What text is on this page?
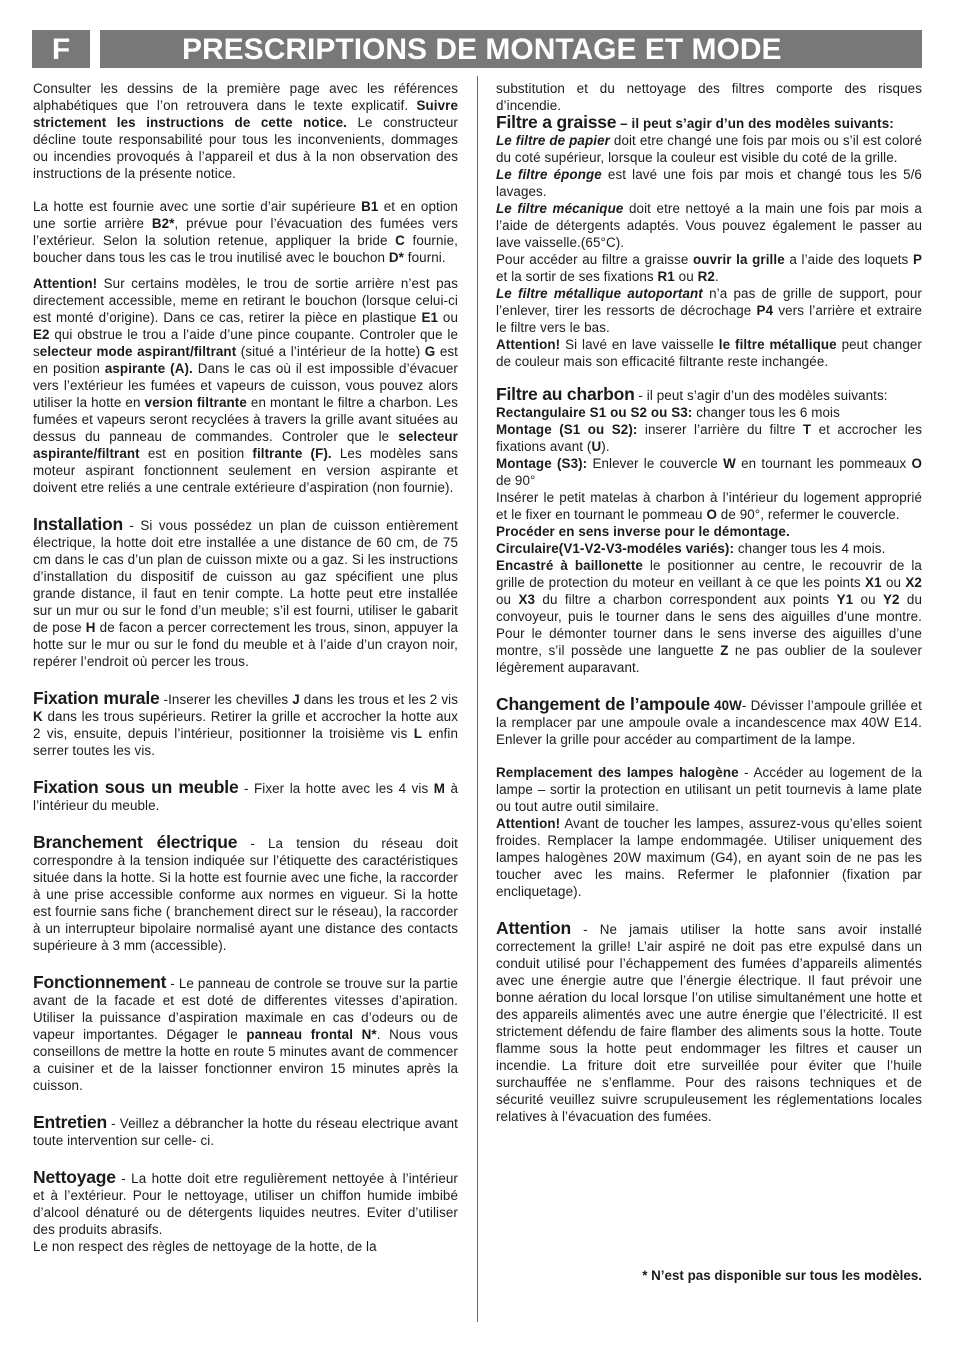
F	PRESCRIPTIONS DE MONTAGE ET MODE

Consulter les dessins de la première page avec les références alphabétiques que l’on retrouvera dans le texte explicatif. Suivre strictement les instructions de cette notice. Le constructeur décline toute responsabilité pour tous les inconvenients, dommages ou incendies provoqués à l’appareil et dus à la non observation des instructions de la présente notice.

La hotte est fournie avec une sortie d’air supérieure B1 et en option une sortie arrière B2*, prévue pour l’évacuation des fumées vers l’extérieur. Selon la solution retenue, appliquer la bride C fournie, boucher dans tous les cas le trou inutilisé avec le bouchon D* fourni.

Attention! Sur certains modèles, le trou de sortie arrière n’est pas directement accessible, meme en retirant le bouchon (lorsque celui-ci est monté d’origine). Dans ce cas, retirer la pièce en plastique E1 ou E2 qui obstrue le trou a l’aide d’une pince coupante. Controler que le selecteur mode aspirant/filtrant (situé a l’intérieur de la hotte) G est en position aspirante (A). Dans le cas où il est impossible d’évacuer vers l’extérieur les fumées et vapeurs de cuisson, vous pouvez alors utiliser la hotte en version filtrante en montant le filtre a charbon. Les fumées et vapeurs seront recyclées à travers la grille avant situées au dessus du panneau de commandes. Controler que le selecteur aspirante/filtrant est en position filtrante (F). Les modèles sans moteur aspirant fonctionnent seulement en version aspirante et doivent etre reliés a une centrale extérieure d’aspiration (non fournie).

Installation - Si vous possédez un plan de cuisson entièrement électrique, la hotte doit etre installée a une distance de 60 cm, de 75 cm dans le cas d’un plan de cuisson mixte ou a gaz. Si les instructions d’installation du dispositif de cuisson au gaz spécifient une plus grande distance, il faut en tenir compte. La hotte peut etre installée sur un mur ou sur le fond d’un meuble; s’il est fourni, utiliser le gabarit de pose H de facon a percer correctement les trous, sinon, appuyer la hotte sur le mur ou sur le fond du meuble et à l’aide d’un crayon noir, repérer l’endroit où percer les trous.

Fixation murale -Inserer les chevilles J dans les trous et les 2 vis K dans les trous supérieurs. Retirer la grille et accrocher la hotte aux 2 vis, ensuite, depuis l’intérieur, positionner la troisième vis L enfin serrer toutes les vis.

Fixation sous un meuble - Fixer la hotte avec les 4 vis M à l’intérieur du meuble.

Branchement électrique - La tension du réseau doit correspondre à la tension indiquée sur l’étiquette des caractéristiques située dans la hotte. Si la hotte est fournie avec une fiche, la raccorder à une prise accessible conforme aux normes en vigueur. Si la hotte est fournie sans fiche ( branchement direct sur le réseau), la raccorder à un interrupteur bipolaire normalisé ayant une distance des contacts supérieure à 3 mm (accessible).

Fonctionnement - Le panneau de controle se trouve sur la partie avant de la facade et est doté de differentes vitesses d’apiration. Utiliser la puissance d’aspiration maximale en cas d’odeurs ou de vapeur importantes. Dégager le panneau frontal N*. Nous vous conseillons de mettre la hotte en route 5 minutes avant de commencer a cuisiner et de la laisser fonctionner environ 15 minutes après la cuisson.

Entretien - Veillez a débrancher la hotte du réseau electrique avant toute intervention sur celle- ci.

Nettoyage - La hotte doit etre regulièrement nettoyée à l’intérieur et à l’extérieur. Pour le nettoyage, utiliser un chiffon humide imbibé d’alcool dénaturé ou de détergents liquides neutres. Eviter d’utiliser des produits abrasifs.

Le non respect des règles de nettoyage de la hotte, de la

substitution et du nettoyage des filtres comporte des risques d’incendie.

Filtre a graisse – il peut s’agir d’un des modèles suivants:

Le filtre de papier doit etre changé une fois par mois ou s’il est coloré du coté supérieur, lorsque la couleur est visible du coté de la grille.

Le filtre éponge est lavé une fois par mois et changé tous les 5/6 lavages.

Le filtre mécanique doit etre nettoyé a la main une fois par mois a l’aide de détergents adaptés. Vous pouvez également le passer au lave vaisselle.(65°C).

Pour accéder au filtre a graisse ouvrir la grille a l’aide des loquets P et la sortir de ses fixations R1 ou R2.

Le filtre métallique autoportant n’a pas de grille de support, pour l’enlever, tirer les ressorts de décrochage P4 vers l’arrière et extraire le filtre vers le bas.

Attention! Si lavé en lave vaisselle le filtre métallique peut changer de couleur mais son efficacité filtrante reste inchangée.

Filtre au charbon - il peut s’agir d’un des modèles suivants:

Rectangulaire S1 ou S2 ou S3: changer tous les 6 mois

Montage (S1 ou S2): inserer l’arrière du filtre T et accrocher les fixations avant (U).

Montage (S3): Enlever le couvercle W en tournant les pommeaux O de 90°

Insérer le petit matelas à charbon à l’intérieur du logement approprié et le fixer en tournant le pommeau O de 90°, refermer le couvercle.

Procéder en sens inverse pour le démontage.

Circulaire(V1-V2-V3-modéles variés): changer tous les 4 mois.

Encastré à baillonette le positionner au centre, le recouvrir de la grille de protection du moteur en veillant à ce que les points X1 ou X2 ou X3 du filtre a charbon correspondent aux points Y1 ou Y2 du convoyeur, puis le tourner dans le sens des aiguilles d’une montre. Pour le démonter tourner dans le sens inverse des aiguilles d’une montre, s’il possède une languette Z ne pas oublier de la soulever légèrement auparavant.

Changement de l’ampoule 40W- Dévisser l’ampoule grillée et la remplacer par une ampoule ovale a incandescence max 40W E14. Enlever la grille pour accéder au compartiment de la lampe.

Remplacement des lampes halogène - Accéder au logement de la lampe – sortir la protection en utilisant un petit tournevis à lame plate ou tout autre outil similaire.

Attention! Avant de toucher les lampes, assurez-vous qu’elles soient froides. Remplacer la lampe endommagée. Utiliser uniquement des lampes halogènes 20W maximum (G4), en ayant soin de ne pas les toucher avec les mains. Refermer le plafonnier (fixation par encliquetage).

Attention - Ne jamais utiliser la hotte sans avoir installé correctement la grille! L’air aspiré ne doit pas etre expulsé dans un conduit utilisé pour l’échappement des fumées d’appareils alimentés avec une énergie autre que l’énergie électrique. Il faut prévoir une bonne aération du local lorsque l’on utilise simultanément une hotte et des appareils alimentés avec une autre énergie que l’électricité. Il est strictement défendu de faire flamber des aliments sous la hotte. Toute flamme sous la hotte peut endommager les filtres et causer un incendie. La friture doit etre surveillée pour éviter que l’huile surchauffée ne s’enflamme. Pour des raisons techniques et de sécurité veuillez suivre scrupuleusement les réglementations locales relatives à l’évacuation des fumées.

* N’est pas disponible sur tous les modèles.
